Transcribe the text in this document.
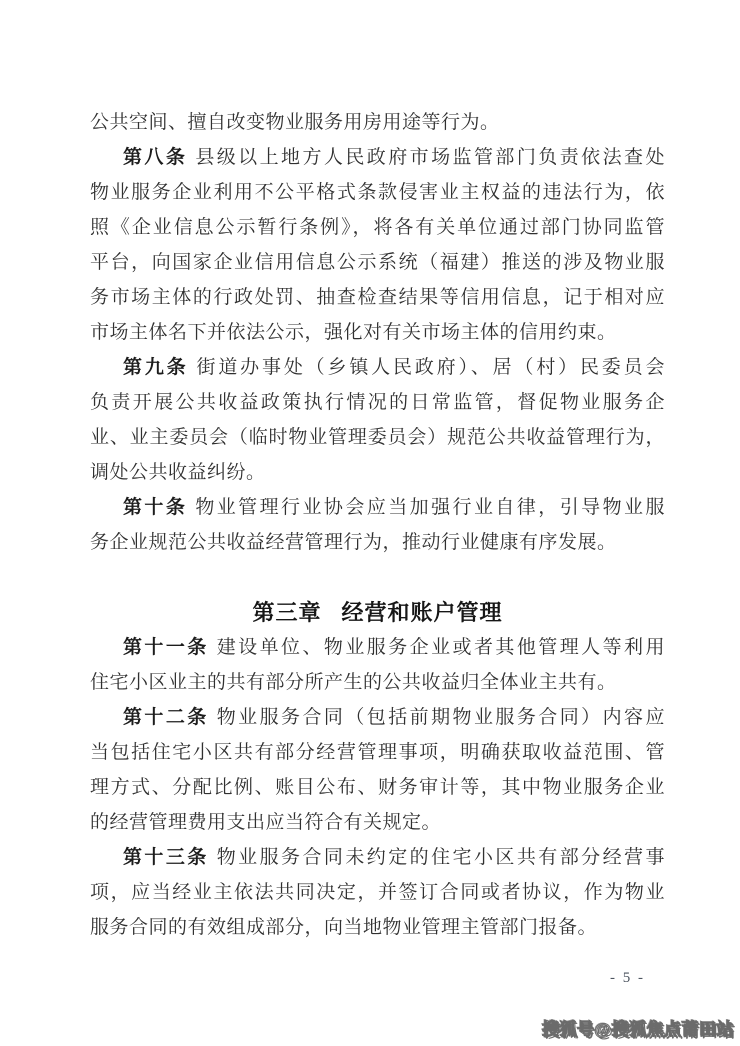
公共空间、擅自改变物业服务用房用途等行为。
第八条 县级以上地方人民政府市场监管部门负责依法查处
物业服务企业利用不公平格式条款侵害业主权益的违法行为，依
照《企业信息公示暂行条例》，将各有关单位通过部门协同监管
平台，向国家企业信用信息公示系统（福建）推送的涉及物业服
务市场主体的行政处罚、抽查检查结果等信用信息，记于相对应
市场主体名下并依法公示，强化对有关市场主体的信用约束。
第九条 街道办事处（乡镇人民政府）、居（村）民委员会
负责开展公共收益政策执行情况的日常监管，督促物业服务企
业、业主委员会（临时物业管理委员会）规范公共收益管理行为，
调处公共收益纠纷。
第十条 物业管理行业协会应当加强行业自律，引导物业服
务企业规范公共收益经营管理行为，推动行业健康有序发展。
第三章 经营和账户管理
第十一条 建设单位、物业服务企业或者其他管理人等利用
住宅小区业主的共有部分所产生的公共收益归全体业主共有。
第十二条 物业服务合同（包括前期物业服务合同）内容应
当包括住宅小区共有部分经营管理事项，明确获取收益范围、管
理方式、分配比例、账目公布、财务审计等，其中物业服务企业
的经营管理费用支出应当符合有关规定。
第十三条 物业服务合同未约定的住宅小区共有部分经营事
项，应当经业主依法共同决定，并签订合同或者协议，作为物业
服务合同的有效组成部分，向当地物业管理主管部门报备。
- 5 -
搜狐号@搜狐焦点莆田站
